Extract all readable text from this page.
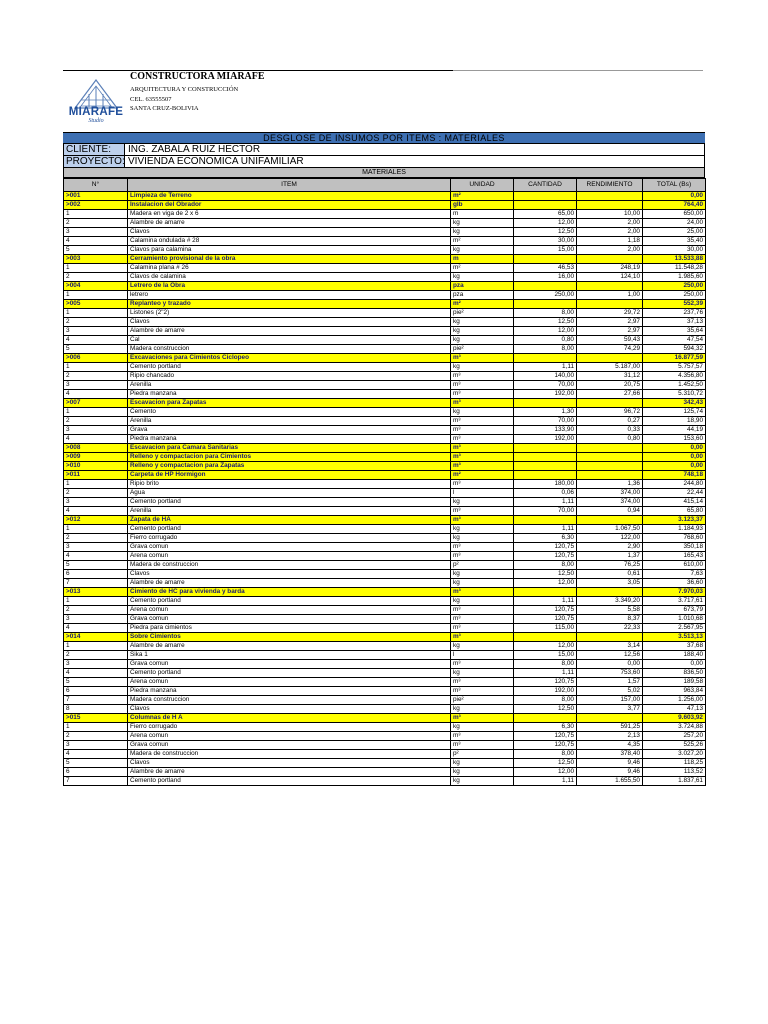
MIARAFE
Studio
CONSTRUCTORA MIARAFE
ARQUITECTURA Y CONSTRUCCIÓN
CEL. 63555507
SANTA CRUZ-BOLIVIA
DESGLOSE DE INSUMOS POR ITEMS : MATERIALES
CLIENTE:	ING. ZABALA RUIZ HECTOR
PROYECTO: VIVIENDA ECONOMICA UNIFAMILIAR
MATERIALES
N°	ITEM	UNIDAD	CANTIDAD	RENDIMIENTO	TOTAL (Bs)
>001	Limpieza de Terreno	m²			0,00
>002	Instalacion del Obrador	glb			764,40
1	Madera en viga de 2 x 6	m	65,00	10,00	650,00
2	Alambre de amarre	kg	12,00	2,00	24,00
3	Clavos	kg	12,50	2,00	25,00
4	Calamina ondulada # 28	m²	30,00	1,18	35,40
5	Clavos para calamina	kg	15,00	2,00	30,00
>003	Cerramiento provisional de la obra	m			13.533,88
1	Calamina plana # 26	m²	46,53	248,19	11.548,28
2	Clavos de calamina	kg	16,00	124,10	1.985,60
>004	Letrero de la Obra	pza			250,00
1	letrero	pza	250,00	1,00	250,00
>005	Replanteo y trazado	m²			552,39
1	Listones (2"2)	pie²	8,00	29,72	237,76
2	Clavos	kg	12,50	2,97	37,13
3	Alambre de amarre	kg	12,00	2,97	35,64
4	Cal	kg	0,80	59,43	47,54
5	Madera construccion	pie²	8,00	74,29	594,32
>006	Excavaciones para Cimientos Ciclopeo	m³			16.877,59
1	Cemento portland	kg	1,11	5.187,00	5.757,57
2	Ripio chancado	m³	140,00	31,12	4.356,80
3	Arenilla	m³	70,00	20,75	1.452,50
4	Piedra manzana	m³	192,00	27,66	5.310,72
>007	Escavacion para Zapatas	m³			342,43
1	Cemento	kg	1,30	96,72	125,74
2	Arenilla	m³	70,00	0,27	18,90
3	Grava	m³	133,90	0,33	44,19
4	Piedra manzana	m³	192,00	0,80	153,60
>008	Escavacion para Camara Sanitarias	m³			0,00
>009	Relleno y compactacion para Cimientos	m³			0,00
>010	Relleno y compactacion para Zapatas	m³			0,00
>011	Carpeta de HP Hormigon	m²			748,18
1	Ripio brito	m³	180,00	1,36	244,80
2	Agua	l	0,06	374,00	22,44
3	Cemento portland	kg	1,11	374,00	415,14
4	Arenilla	m³	70,00	0,94	65,80
>012	Zapata de HA	m³			3.123,37
1	Cemento portland	kg	1,11	1.067,50	1.184,93
2	Fierro corrugado	kg	6,30	122,00	768,60
3	Grava comun	m³	120,75	2,90	350,18
4	Arena comun	m³	120,75	1,37	165,43
5	Madera de construccion	p²	8,00	76,25	610,00
6	Clavos	kg	12,50	0,61	7,63
7	Alambre de amarre	kg	12,00	3,05	36,60
>013	Cimiento de HC para vivienda y barda	m³			7.970,03
1	Cemento portland	kg	1,11	3.349,20	3.717,61
2	Arena comun	m³	120,75	5,58	673,79
3	Grava comun	m³	120,75	8,37	1.010,68
4	Piedra para cimientos	m³	115,00	22,33	2.567,95
>014	Sobre Cimientos	m³			3.513,13
1	Alambre de amarre	kg	12,00	3,14	37,68
2	Sika 1	l	15,00	12,56	188,40
3	Grava comun	m³	8,00	0,00	0,00
4	Cemento portland	kg	1,11	753,60	836,50
5	Arena comun	m³	120,75	1,57	189,58
6	Piedra manzana	m³	192,00	5,02	963,84
7	Madera construccion	pie²	8,00	157,00	1.256,00
8	Clavos	kg	12,50	3,77	47,13
>015	Columnas de H A	m³			9.603,92
1	Fierro corrugado	kg	6,30	591,25	3.724,88
2	Arena comun	m³	120,75	2,13	257,20
3	Grava comun	m³	120,75	4,35	525,26
4	Madera de construccion	p²	8,00	378,40	3.027,20
5	Clavos	kg	12,50	9,46	118,25
6	Alambre de amarre	kg	12,00	9,46	113,52
7	Cemento portland	kg	1,11	1.655,50	1.837,61
